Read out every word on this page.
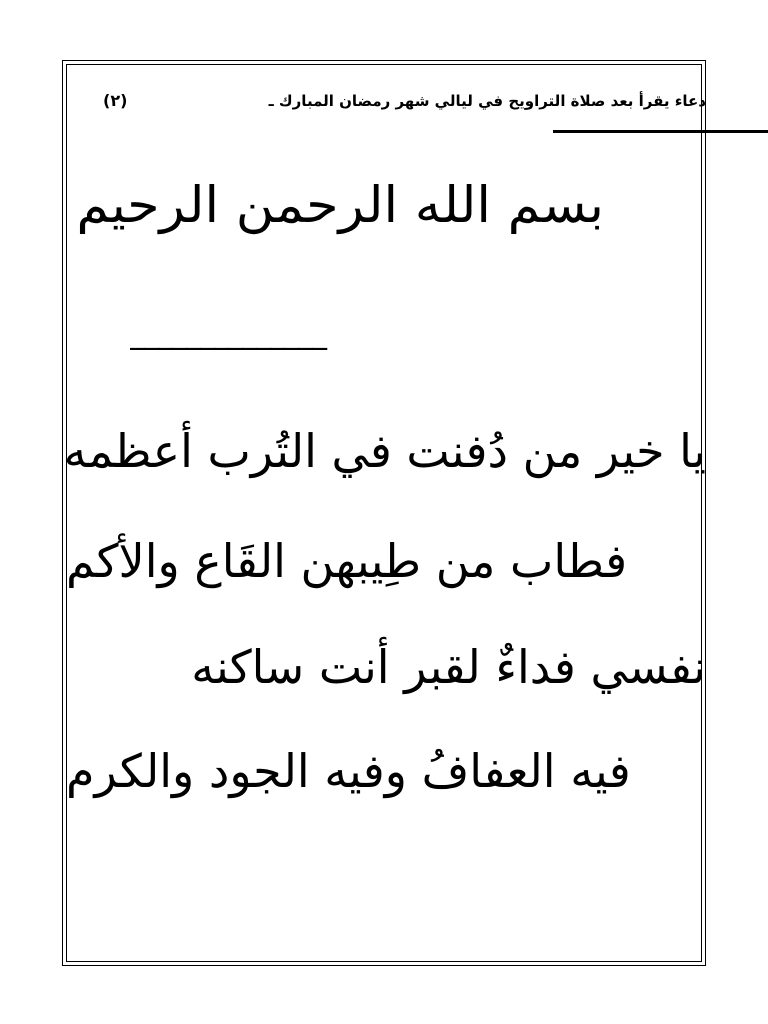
دعاء يقرأ بعد صلاة التراويح في ليالي شهر رمضان المبارك ـ
(٢)
بسم الله الرحمن الرحيم
______________
يا خير من دُفنت في التُرب أعظمه
فطاب من طِيبهن القَاع والأكم
نفسي فداءٌ لقبر أنت ساكنه
فيه العفافُ وفيه الجود والكرم
